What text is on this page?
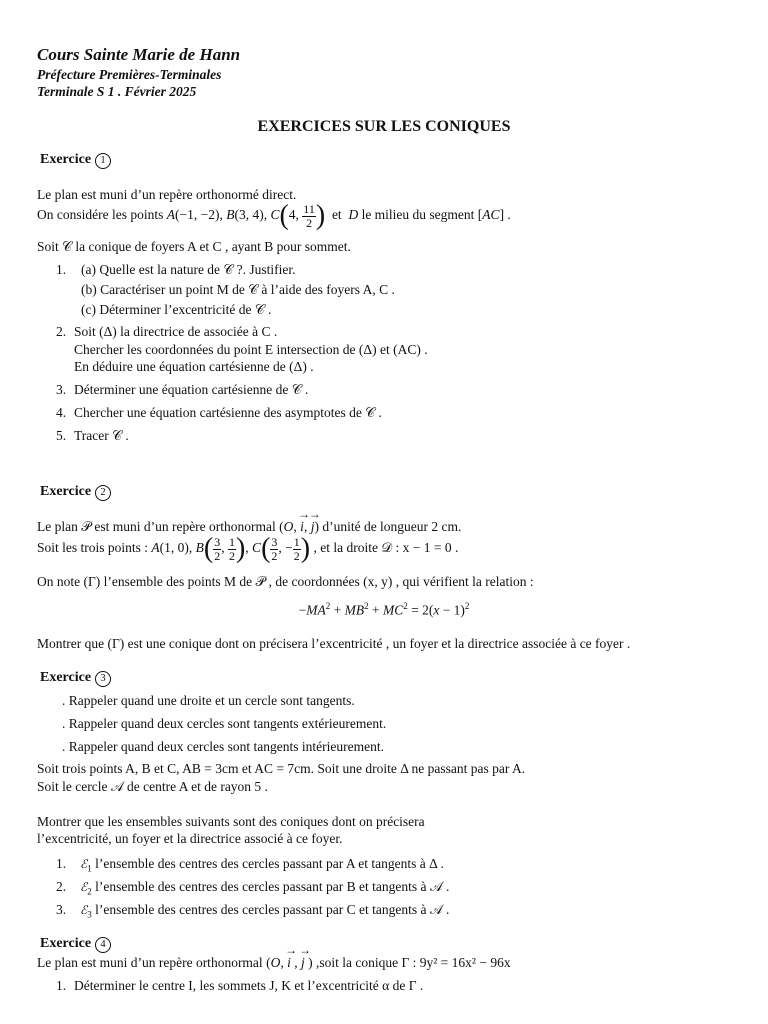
Cours Sainte Marie de Hann
Préfecture Premières-Terminales
Terminale S 1 . Février 2025
EXERCICES SUR LES CONIQUES
Exercice 1
Le plan est muni d’un repère orthonormé direct.
On considére les points A(−1, −2), B(3, 4), C(4, $\frac{11}{2}$ )  et  D le milieu du segment [AC] .
Soit 𝒞 la conique de foyers A et C , ayant B pour sommet.
1. (a) Quelle est la nature de 𝒞 ?. Justifier.
(b) Caractériser un point M de 𝒞 à l’aide des foyers A, C .
(c) Déterminer l’excentricité de 𝒞 .
2. Soit (Δ) la directrice de associée à C .
Chercher les coordonnées du point E intersection de (Δ) et (AC) .
En déduire une équation cartésienne de (Δ) .
3. Déterminer une équation cartésienne de 𝒞 .
4. Chercher une équation cartésienne des asymptotes de 𝒞 .
5. Tracer 𝒞 .
Exercice 2
Le plan 𝒫 est muni d’un repère orthonormal (O, → i, → j) d’unité de longueur 2 cm.
Soit les trois points : A(1, 0), $B( \frac{3}{2}$ , $\frac{1}{2}$ ), $C( \frac{3}{2}$ , − $\frac{1}{2}$ ) , et la droite 𝒟 : x − 1 = 0 .
On note (Γ) l’ensemble des points M de 𝒫 , de coordonnées (x, y) , qui vérifient la relation :
$-MA^2 + MB^2 + MC^2 = 2(x - 1)^2$
Montrer que (Γ) est une conique dont on précisera l’excentricité , un foyer et la directrice associée à ce foyer .
Exercice 3
. Rappeler quand une droite et un cercle sont tangents.
. Rappeler quand deux cercles sont tangents extérieurement.
. Rappeler quand deux cercles sont tangents intérieurement.
Soit trois points A, B et C, AB = 3cm et AC = 7cm. Soit une droite Δ ne passant pas par A.
Soit le cercle 𝒜 de centre A et de rayon 5 .
Montrer que les ensembles suivants sont des coniques dont on précisera
l’excentricité, un foyer et la directrice associé à ce foyer.
1. ℰ$_1$ l’ensemble des centres des cercles passant par A et tangents à Δ .
2. ℰ$_2$ l’ensemble des centres des cercles passant par B et tangents à 𝒜 .
3. ℰ$_3$ l’ensemble des centres des cercles passant par C et tangents à 𝒜 .
Exercice 4
Le plan est muni d’un repère orthonormal (O, → i , → j ) ,soit la conique Γ : 9y² = 16x² − 96x
1. Déterminer le centre I, les sommets J, K et l’excentricité α de Γ .
